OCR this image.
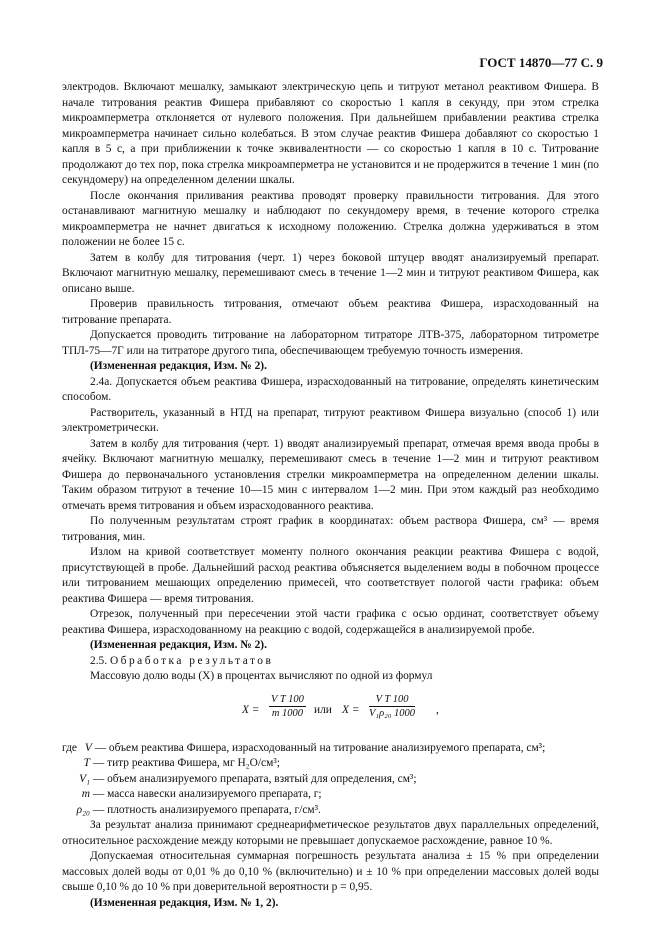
ГОСТ 14870—77 С. 9

электродов. Включают мешалку, замыкают электрическую цепь и титруют метанол реактивом Фишера. В начале титрования реактив Фишера прибавляют со скоростью 1 капля в секунду, при этом стрелка микроамперметра отклоняется от нулевого положения. При дальнейшем прибавлении реактива стрелка микроамперметра начинает сильно колебаться. В этом случае реактив Фишера добавляют со скоростью 1 капля в 5 с, а при приближении к точке эквивалентности — со скоростью 1 капля в 10 с. Титрование продолжают до тех пор, пока стрелка микроамперметра не установится и не продержится в течение 1 мин (по секундомеру) на определенном делении шкалы.

После окончания приливания реактива проводят проверку правильности титрования. Для этого останавливают магнитную мешалку и наблюдают по секундомеру время, в течение которого стрелка микроамперметра не начнет двигаться к исходному положению. Стрелка должна удерживаться в этом положении не более 15 с.

Затем в колбу для титрования (черт. 1) через боковой штуцер вводят анализируемый препарат. Включают магнитную мешалку, перемешивают смесь в течение 1—2 мин и титруют реактивом Фишера, как описано выше.

Проверив правильность титрования, отмечают объем реактива Фишера, израсходованный на титрование препарата.

Допускается проводить титрование на лабораторном титраторе ЛТВ-375, лабораторном титрометре ТПЛ-75—7Г или на титраторе другого типа, обеспечивающем требуемую точность измерения.

(Измененная редакция, Изм. № 2).

2.4а. Допускается объем реактива Фишера, израсходованный на титрование, определять кинетическим способом.

Растворитель, указанный в НТД на препарат, титруют реактивом Фишера визуально (способ 1) или электрометрически.

Затем в колбу для титрования (черт. 1) вводят анализируемый препарат, отмечая время ввода пробы в ячейку. Включают магнитную мешалку, перемешивают смесь в течение 1—2 мин и титруют реактивом Фишера до первоначального установления стрелки микроамперметра на определенном делении шкалы. Таким образом титруют в течение 10—15 мин с интервалом 1—2 мин. При этом каждый раз необходимо отмечать время титрования и объем израсходованного реактива.

По полученным результатам строят график в координатах: объем раствора Фишера, см³ — время титрования, мин.

Излом на кривой соответствует моменту полного окончания реакции реактива Фишера с водой, присутствующей в пробе. Дальнейший расход реактива объясняется выделением воды в побочном процессе или титрованием мешающих определению примесей, что соответствует пологой части графика: объем реактива Фишера — время титрования.

Отрезок, полученный при пересечении этой части графика с осью ординат, соответствует объему реактива Фишера, израсходованному на реакцию с водой, содержащейся в анализируемой пробе.

(Измененная редакция, Изм. № 2).

2.5. Обработка результатов

Массовую долю воды (X) в процентах вычисляют по одной из формул

$X = \frac{\text{V T 100}}{m 1000}$ или $X = \frac{\text{V T 100}}{\text{V₁ρ₂₀ 1000}}$ ,
где V — объем реактива Фишера, израсходованный на титрование анализируемого препарата, см³;
T — титр реактива Фишера, мг H₂O/см³;
V₁ — объем анализируемого препарата, взятый для определения, см³;
m — масса навески анализируемого препарата, г;
ρ₂₀ — плотность анализируемого препарата, г/см³.

За результат анализа принимают среднеарифметическое результатов двух параллельных определений, относительное расхождение между которыми не превышает допускаемое расхождение, равное 10 %.

Допускаемая относительная суммарная погрешность результата анализа ± 15 % при определении массовых долей воды от 0,01 % до 0,10 % (включительно) и ± 10 % при определении массовых долей воды свыше 0,10 % до 10 % при доверительной вероятности p = 0,95.

(Измененная редакция, Изм. № 1, 2).
